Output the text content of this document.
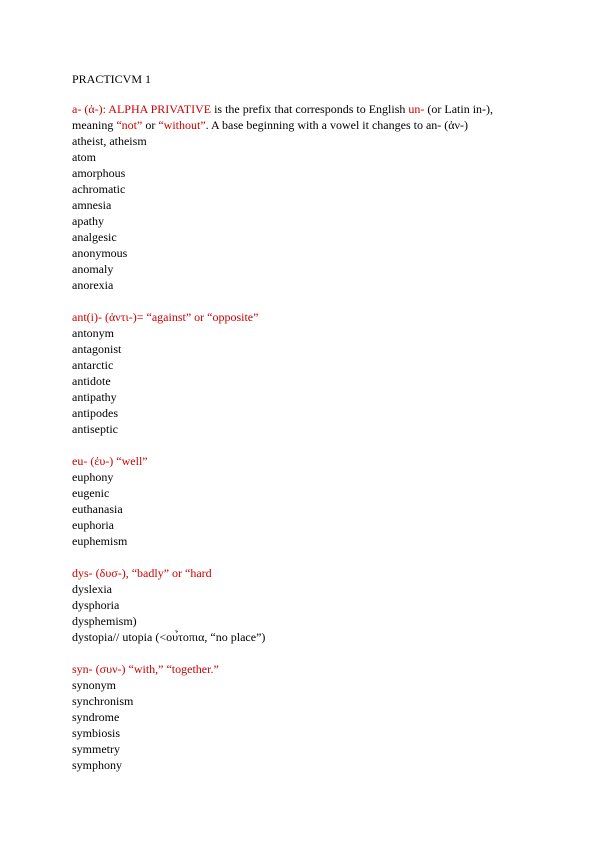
PRACTICVM 1

a- (ἀ-): ALPHA PRIVATIVE is the prefix that corresponds to English un- (or Latin in-), meaning “not” or “without”. A base beginning with a vowel it changes to an- (ἀν-)

atheist, atheism
atom
amorphous
achromatic
amnesia
apathy
analgesic
anonymous
anomaly
anorexia

ant(i)- (ἀντι-)= “against” or “opposite”

antonym
antagonist
antarctic
antidote
antipathy
antipodes
antiseptic

eu- (ἐυ-) “well”

euphony
eugenic
euthanasia
euphoria
euphemism

dys- (δυσ-), “badly” or “hard

dyslexia
dysphoria
dysphemism)
dystopia// utopia (<ου̉τοπια, “no place”)

syn- (συν-) “with,” “together.”

synonym
synchronism
syndrome
symbiosis
symmetry
symphony
